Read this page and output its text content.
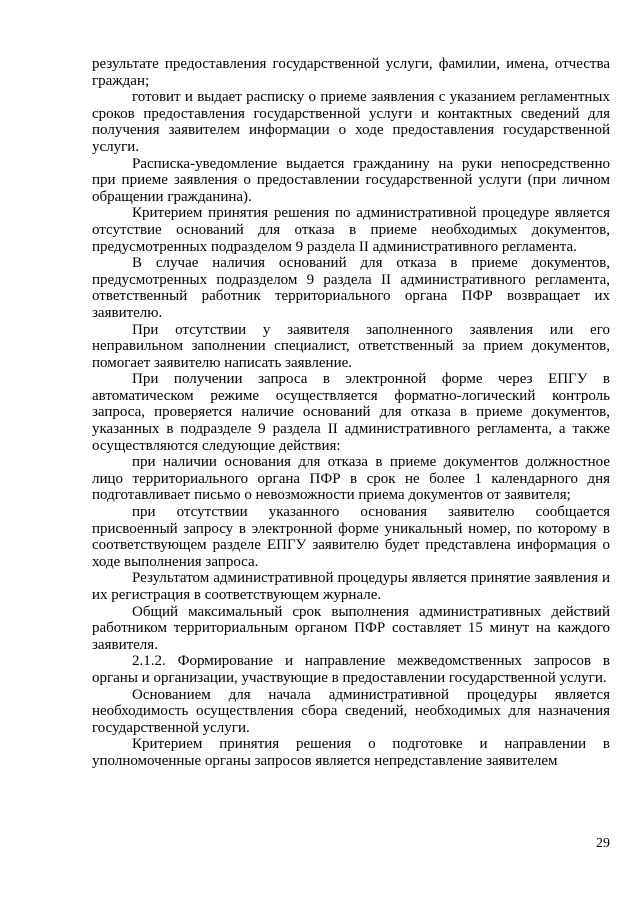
результате предоставления государственной услуги, фамилии, имена, отчества граждан;

готовит и выдает расписку о приеме заявления с указанием регламентных сроков предоставления государственной услуги и контактных сведений для получения заявителем информации о ходе предоставления государственной услуги.

Расписка-уведомление выдается гражданину на руки непосредственно при приеме заявления о предоставлении государственной услуги (при личном обращении гражданина).

Критерием принятия решения по административной процедуре является отсутствие оснований для отказа в приеме необходимых документов, предусмотренных подразделом 9 раздела II административного регламента.

В случае наличия оснований для отказа в приеме документов, предусмотренных подразделом 9 раздела II административного регламента, ответственный работник территориального органа ПФР возвращает их заявителю.

При отсутствии у заявителя заполненного заявления или его неправильном заполнении специалист, ответственный за прием документов, помогает заявителю написать заявление.

При получении запроса в электронной форме через ЕПГУ в автоматическом режиме осуществляется форматно-логический контроль запроса, проверяется наличие оснований для отказа в приеме документов, указанных в подразделе 9 раздела II административного регламента, а также осуществляются следующие действия:

при наличии основания для отказа в приеме документов должностное лицо территориального органа ПФР в срок не более 1 календарного дня подготавливает письмо о невозможности приема документов от заявителя;

при отсутствии указанного основания заявителю сообщается присвоенный запросу в электронной форме уникальный номер, по которому в соответствующем разделе ЕПГУ заявителю будет представлена информация о ходе выполнения запроса.

Результатом административной процедуры является принятие заявления и их регистрация в соответствующем журнале.

Общий максимальный срок выполнения административных действий работником территориальным органом ПФР составляет 15 минут на каждого заявителя.

2.1.2. Формирование и направление межведомственных запросов в органы и организации, участвующие в предоставлении государственной услуги.

Основанием для начала административной процедуры является необходимость осуществления сбора сведений, необходимых для назначения государственной услуги.

Критерием принятия решения о подготовке и направлении в уполномоченные органы запросов является непредставление заявителем

29
